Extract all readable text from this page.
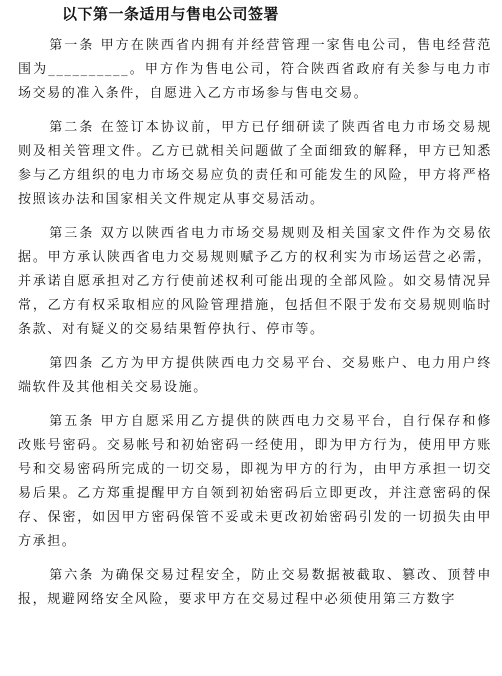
以下第一条适用与售电公司签署

第一条 甲方在陕西省内拥有并经营管理一家售电公司，售电经营范围为__________。甲方作为售电公司，符合陕西省政府有关参与电力市场交易的准入条件，自愿进入乙方市场参与售电交易。

第二条 在签订本协议前，甲方已仔细研读了陕西省电力市场交易规则及相关管理文件。乙方已就相关问题做了全面细致的解释，甲方已知悉参与乙方组织的电力市场交易应负的责任和可能发生的风险，甲方将严格按照该办法和国家相关文件规定从事交易活动。

第三条 双方以陕西省电力市场交易规则及相关国家文件作为交易依据。甲方承认陕西省电力交易规则赋予乙方的权利实为市场运营之必需，并承诺自愿承担对乙方行使前述权利可能出现的全部风险。如交易情况异常，乙方有权采取相应的风险管理措施，包括但不限于发布交易规则临时条款、对有疑义的交易结果暂停执行、停市等。

第四条 乙方为甲方提供陕西电力交易平台、交易账户、电力用户终端软件及其他相关交易设施。

第五条 甲方自愿采用乙方提供的陕西电力交易平台，自行保存和修改账号密码。交易帐号和初始密码一经使用，即为甲方行为，使用甲方账号和交易密码所完成的一切交易，即视为甲方的行为，由甲方承担一切交易后果。乙方郑重提醒甲方自领到初始密码后立即更改，并注意密码的保存、保密，如因甲方密码保管不妥或未更改初始密码引发的一切损失由甲方承担。

第六条 为确保交易过程安全，防止交易数据被截取、篡改、顶替申报，规避网络安全风险，要求甲方在交易过程中必须使用第三方数字
